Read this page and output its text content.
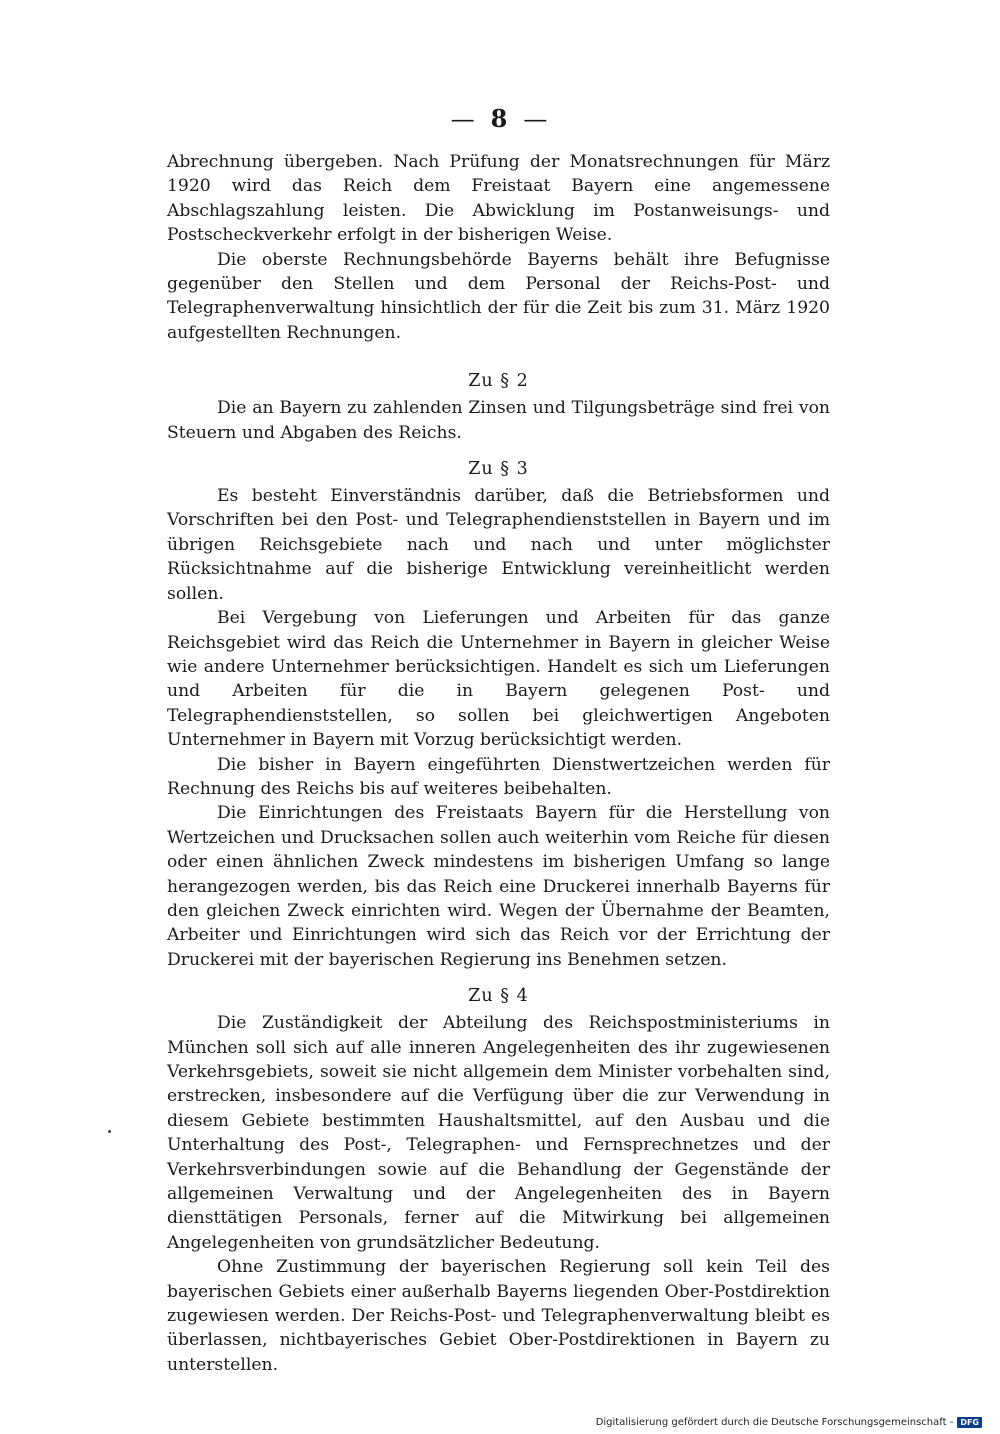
— 8 —

Abrechnung übergeben. Nach Prüfung der Monatsrechnungen für März 1920 wird das Reich dem Freistaat Bayern eine angemessene Abschlagszahlung leisten. Die Abwicklung im Postanweisungs- und Postscheckverkehr erfolgt in der bisherigen Weise.

Die oberste Rechnungsbehörde Bayerns behält ihre Befugnisse gegenüber den Stellen und dem Personal der Reichs-Post- und Telegraphenverwaltung hinsichtlich der für die Zeit bis zum 31. März 1920 aufgestellten Rechnungen.

Zu § 2

Die an Bayern zu zahlenden Zinsen und Tilgungsbeträge sind frei von Steuern und Abgaben des Reichs.

Zu § 3

Es besteht Einverständnis darüber, daß die Betriebsformen und Vorschriften bei den Post- und Telegraphendienststellen in Bayern und im übrigen Reichsgebiete nach und nach und unter möglichster Rücksichtnahme auf die bisherige Entwicklung vereinheitlicht werden sollen.

Bei Vergebung von Lieferungen und Arbeiten für das ganze Reichsgebiet wird das Reich die Unternehmer in Bayern in gleicher Weise wie andere Unternehmer berücksichtigen. Handelt es sich um Lieferungen und Arbeiten für die in Bayern gelegenen Post- und Telegraphendienststellen, so sollen bei gleichwertigen Angeboten Unternehmer in Bayern mit Vorzug berücksichtigt werden.

Die bisher in Bayern eingeführten Dienstwertzeichen werden für Rechnung des Reichs bis auf weiteres beibehalten.

Die Einrichtungen des Freistaats Bayern für die Herstellung von Wertzeichen und Drucksachen sollen auch weiterhin vom Reiche für diesen oder einen ähnlichen Zweck mindestens im bisherigen Umfang so lange herangezogen werden, bis das Reich eine Druckerei innerhalb Bayerns für den gleichen Zweck einrichten wird. Wegen der Übernahme der Beamten, Arbeiter und Einrichtungen wird sich das Reich vor der Errichtung der Druckerei mit der bayerischen Regierung ins Benehmen setzen.

Zu § 4

Die Zuständigkeit der Abteilung des Reichspostministeriums in München soll sich auf alle inneren Angelegenheiten des ihr zugewiesenen Verkehrsgebiets, soweit sie nicht allgemein dem Minister vorbehalten sind, erstrecken, insbesondere auf die Verfügung über die zur Verwendung in diesem Gebiete bestimmten Haushaltsmittel, auf den Ausbau und die Unterhaltung des Post-, Telegraphen- und Fernsprechnetzes und der Verkehrsverbindungen sowie auf die Behandlung der Gegenstände der allgemeinen Verwaltung und der Angelegenheiten des in Bayern diensttätigen Personals, ferner auf die Mitwirkung bei allgemeinen Angelegenheiten von grundsätzlicher Bedeutung.

Ohne Zustimmung der bayerischen Regierung soll kein Teil des bayerischen Gebiets einer außerhalb Bayerns liegenden Ober-Postdirektion zugewiesen werden. Der Reichs-Post- und Telegraphenverwaltung bleibt es überlassen, nichtbayerisches Gebiet Ober-Postdirektionen in Bayern zu unterstellen.

Digitalisierung gefördert durch die Deutsche Forschungsgemeinschaft - DFG
